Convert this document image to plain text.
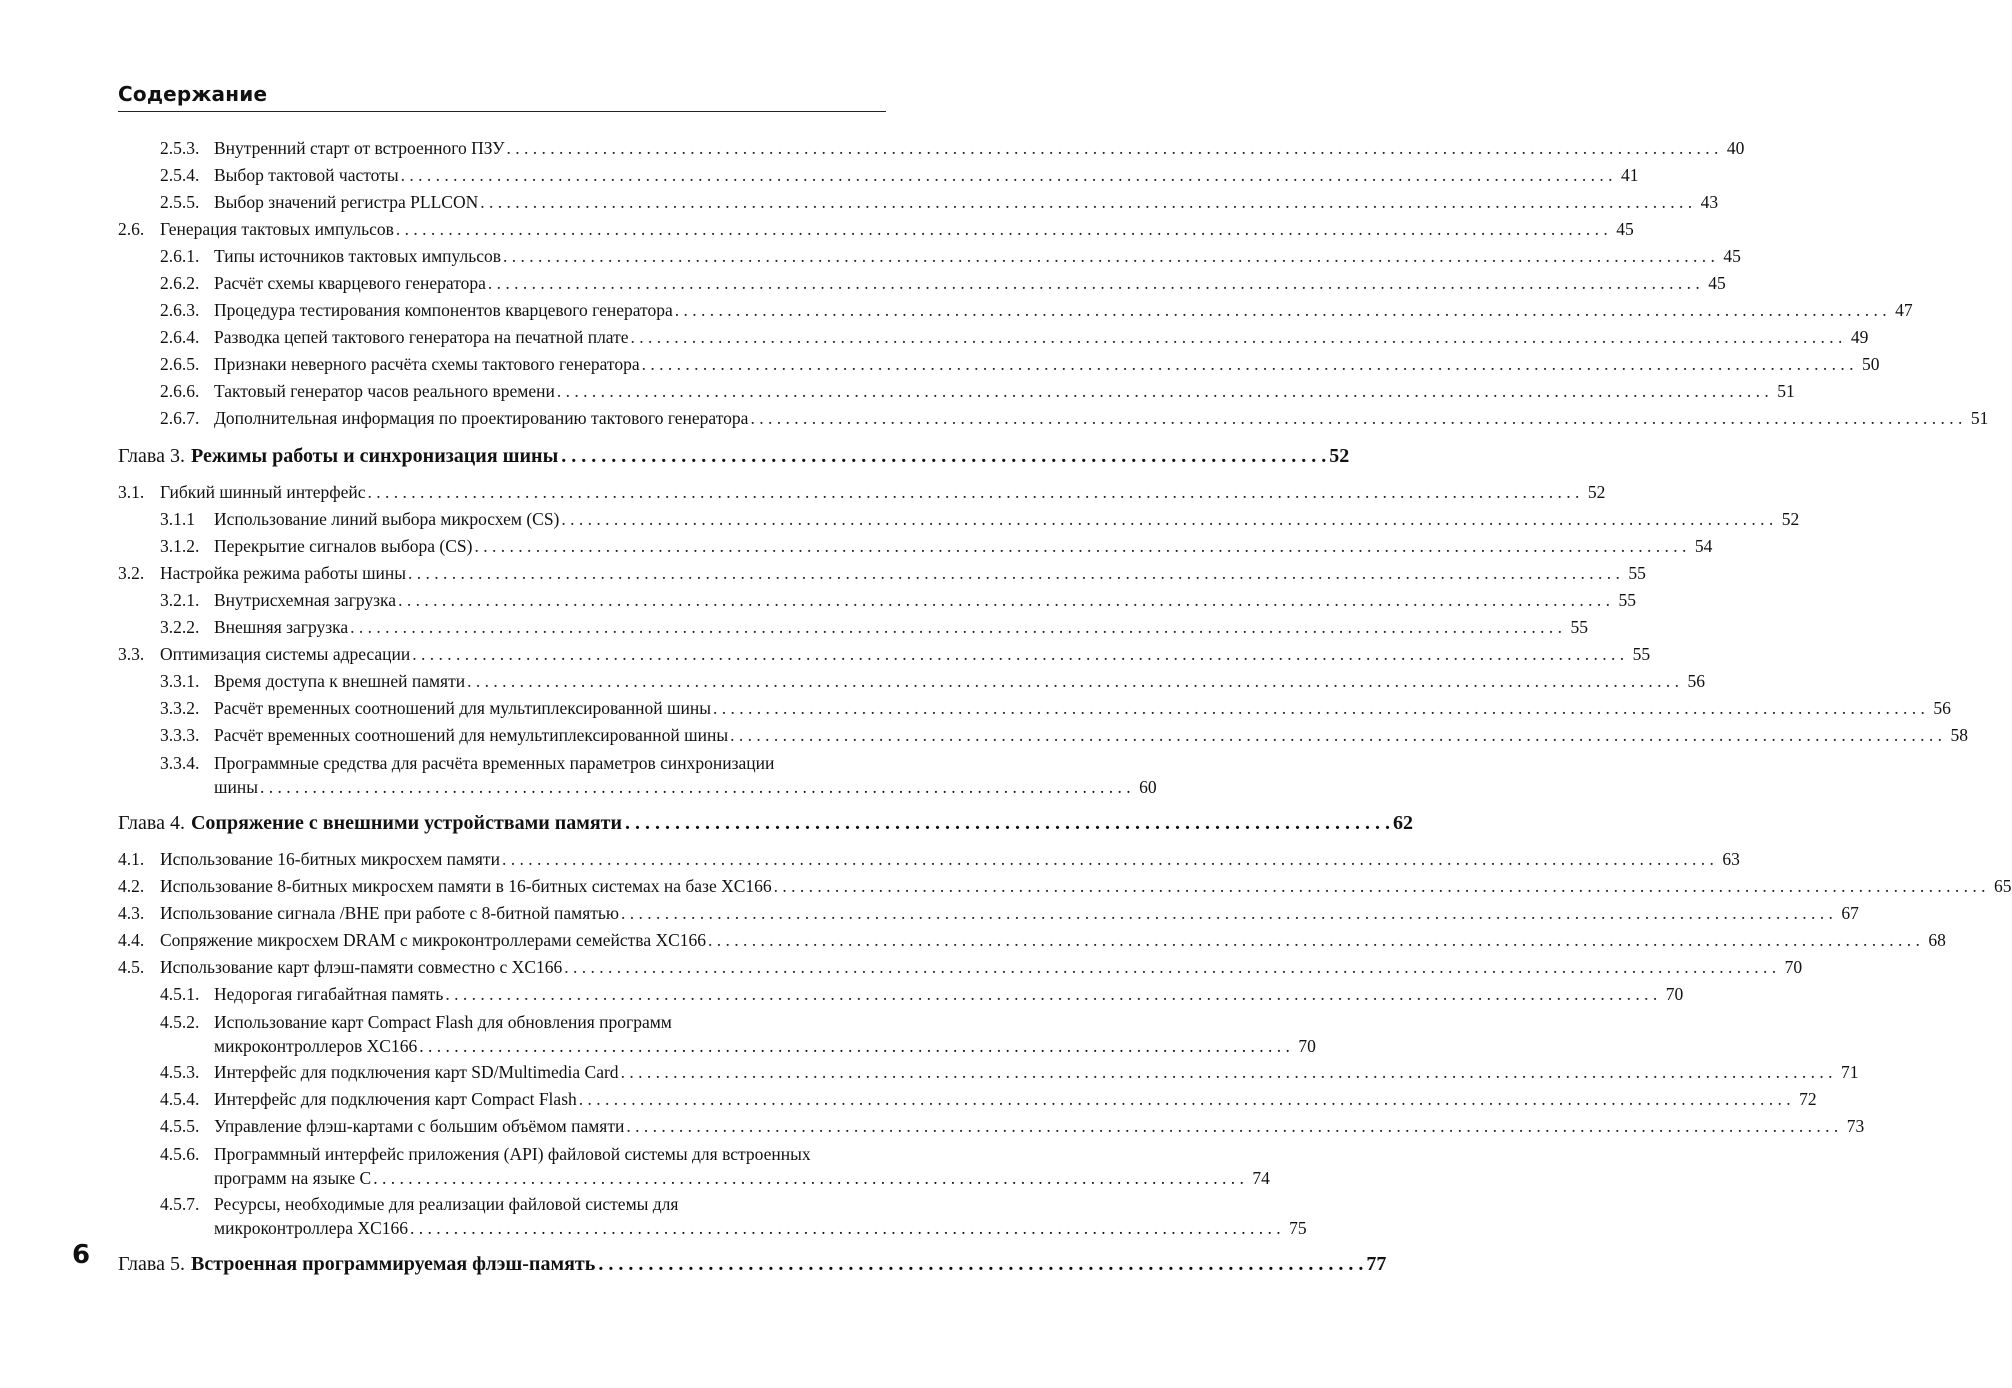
Содержание
2.5.3. Внутренний старт от встроенного ПЗУ . . .	40
2.5.4. Выбор тактовой частоты . . .	41
2.5.5. Выбор значений регистра PLLCON . . .	43
2.6. Генерация тактовых импульсов . . .	45
2.6.1. Типы источников тактовых импульсов . . .	45
2.6.2. Расчёт схемы кварцевого генератора . . .	45
2.6.3. Процедура тестирования компонентов кварцевого генератора . . .	47
2.6.4. Разводка цепей тактового генератора на печатной плате . . .	49
2.6.5. Признаки неверного расчёта схемы тактового генератора . . .	50
2.6.6. Тактовый генератор часов реального времени . . .	51
2.6.7. Дополнительная информация по проектированию тактового генератора . . .	51
Глава 3. Режимы работы и синхронизация шины . . .	52
3.1. Гибкий шинный интерфейс . . .	52
3.1.1	Использование линий выбора микросхем (CS) . . .	52
3.1.2. Перекрытие сигналов выбора (CS) . . .	54
3.2. Настройка режима работы шины . . .	55
3.2.1. Внутрисхемная загрузка . . .	55
3.2.2. Внешняя загрузка . . .	55
3.3. Оптимизация системы адресации . . .	55
3.3.1. Время доступа к внешней памяти . . .	56
3.3.2. Расчёт временных соотношений для мультиплексированной шины . . .	56
3.3.3. Расчёт временных соотношений для немультиплексированной шины . . .	58
3.3.4. Программные средства для расчёта временных параметров синхронизации
шины . . .	60
Глава 4. Сопряжение с внешними устройствами памяти . . .	62
4.1. Использование 16-битных микросхем памяти . . .	63
4.2. Использование 8-битных микросхем памяти в 16-битных системах на базе XC166 . . .	65
4.3. Использование сигнала /BHE при работе с 8-битной памятью . . .	67
4.4. Сопряжение микросхем DRAM с микроконтроллерами семейства XC166 . . .	68
4.5. Использование карт флэш-памяти совместно с XC166 . . .	70
4.5.1. Недорогая гигабайтная память . . .	70
4.5.2. Использование карт Compact Flash для обновления программ
микроконтроллеров XC166 . . .	70
4.5.3. Интерфейс для подключения карт SD/Multimedia Card . . .	71
4.5.4. Интерфейс для подключения карт Compact Flash . . .	72
4.5.5. Управление флэш-картами с большим объёмом памяти . . .	73
4.5.6. Программный интерфейс приложения (API) файловой системы для встроенных
программ на языке C . . .	74
4.5.7. Ресурсы, необходимые для реализации файловой системы для
микроконтроллера XC166 . . .	75
Глава 5. Встроенная программируемая флэш-память . . .	77
6
